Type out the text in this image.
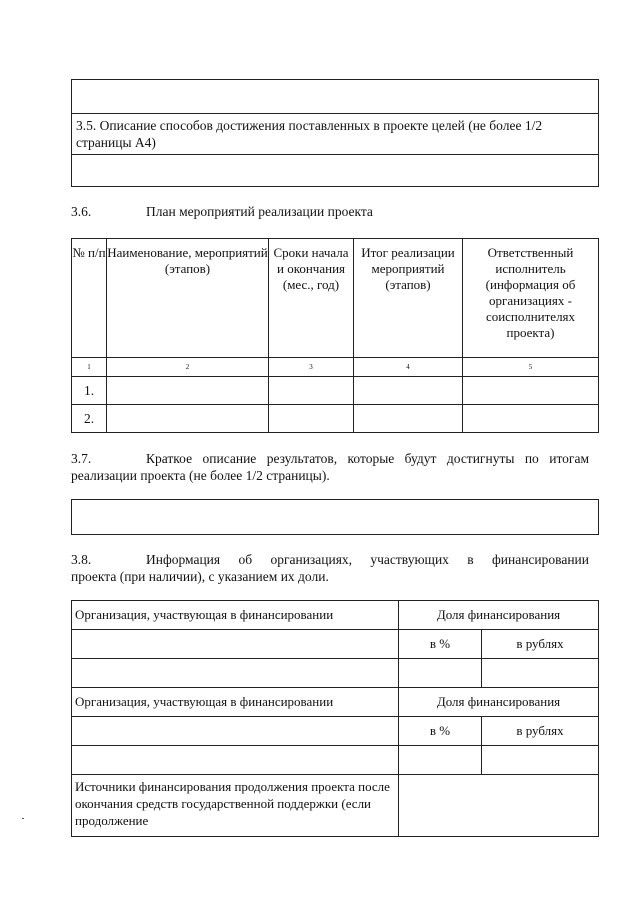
3.5. Описание способов достижения поставленных в проекте целей (не более 1/2 страницы А4)

3.6.	План мероприятий реализации проекта
№ п/п	Наименование, мероприятий (этапов)	Сроки начала и окончания (мес., год)	Итог реализации мероприятий (этапов)	Ответственный исполнитель (информация об организациях - соисполнителях проекта)
1	2	3	4	5
1.				
2.				
3.7.	Краткое описание результатов, которые будут достигнуты по итогам
реализации проекта (не более 1/2 страницы).
3.8.	Информация об организациях, участвующих в финансировании
проекта (при наличии), с указанием их доли.
Организация, участвующая в финансировании	Доля финансирования	
	в %	в рублях

Организация, участвующая в финансировании	Доля финансирования	
	в %	в рублях

Источники финансирования продолжения проекта после окончания средств государственной поддержки (если продолжение		
